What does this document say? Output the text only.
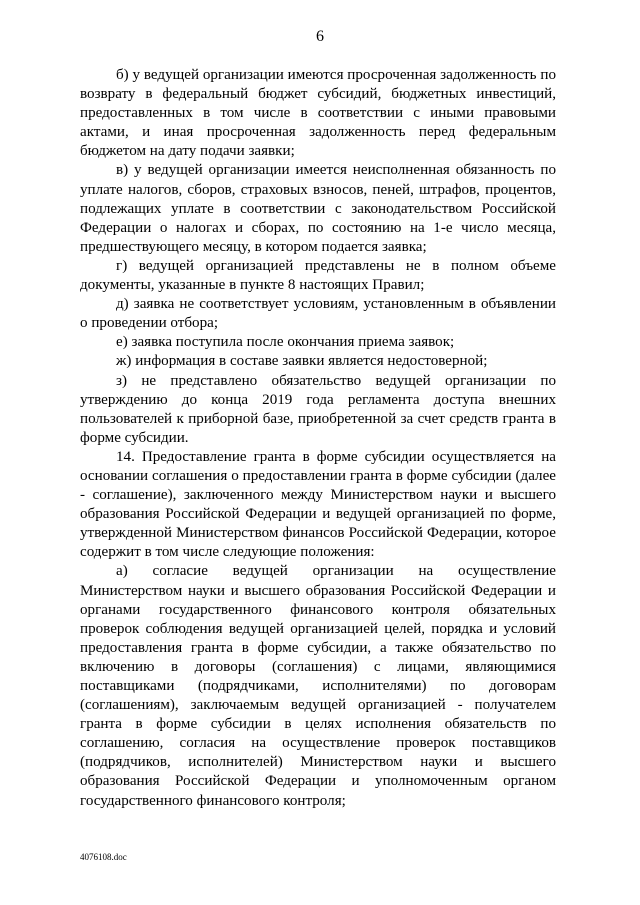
6

б) у ведущей организации имеются просроченная задолженность по возврату в федеральный бюджет субсидий, бюджетных инвестиций, предоставленных в том числе в соответствии с иными правовыми актами, и иная просроченная задолженность перед федеральным бюджетом на дату подачи заявки;

в) у ведущей организации имеется неисполненная обязанность по уплате налогов, сборов, страховых взносов, пеней, штрафов, процентов, подлежащих уплате в соответствии с законодательством Российской Федерации о налогах и сборах, по состоянию на 1-е число месяца, предшествующего месяцу, в котором подается заявка;

г) ведущей организацией представлены не в полном объеме документы, указанные в пункте 8 настоящих Правил;

д) заявка не соответствует условиям, установленным в объявлении о проведении отбора;

е) заявка поступила после окончания приема заявок;

ж) информация в составе заявки является недостоверной;

з) не представлено обязательство ведущей организации по утверждению до конца 2019 года регламента доступа внешних пользователей к приборной базе, приобретенной за счет средств гранта в форме субсидии.

14. Предоставление гранта в форме субсидии осуществляется на основании соглашения о предоставлении гранта в форме субсидии (далее - соглашение), заключенного между Министерством науки и высшего образования Российской Федерации и ведущей организацией по форме, утвержденной Министерством финансов Российской Федерации, которое содержит в том числе следующие положения:

а) согласие ведущей организации на осуществление Министерством науки и высшего образования Российской Федерации и органами государственного финансового контроля обязательных проверок соблюдения ведущей организацией целей, порядка и условий предоставления гранта в форме субсидии, а также обязательство по включению в договоры (соглашения) с лицами, являющимися поставщиками (подрядчиками, исполнителями) по договорам (соглашениям), заключаемым ведущей организацией - получателем гранта в форме субсидии в целях исполнения обязательств по соглашению, согласия на осуществление проверок поставщиков (подрядчиков, исполнителей) Министерством науки и высшего образования Российской Федерации и уполномоченным органом государственного финансового контроля;

4076108.doc
